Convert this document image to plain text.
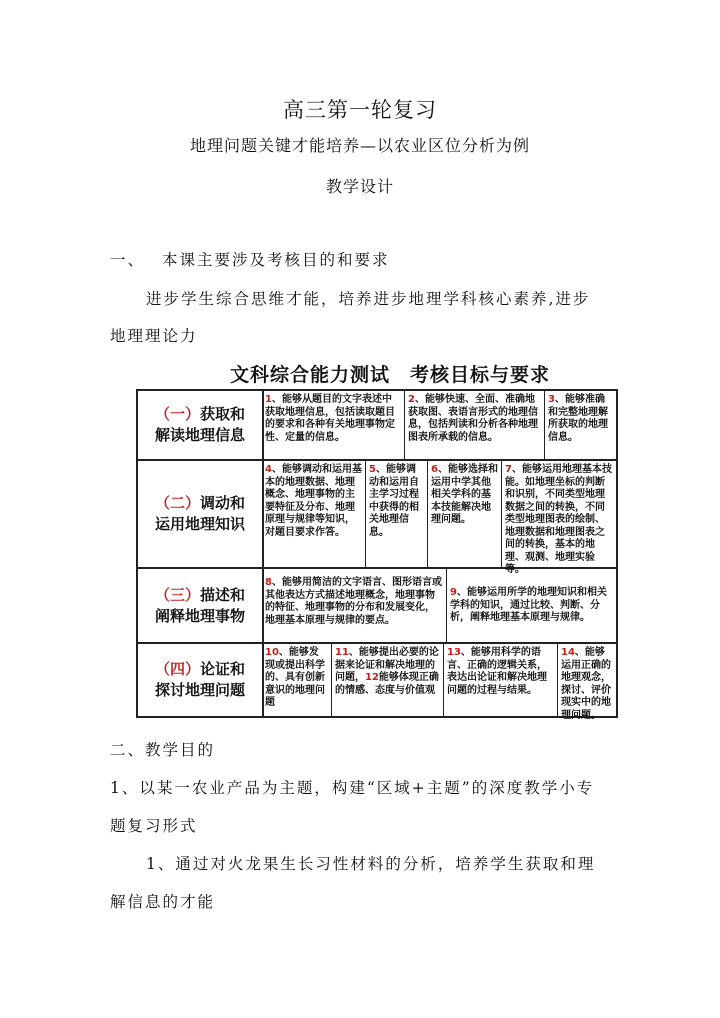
高三第一轮复习
地理问题关键才能培养—以农业区位分析为例
教学设计
一、 本课主要涉及考核目的和要求
进步学生综合思维才能，培养进步地理学科核心素养,进步
地理理论力
文科综合能力测试　考核目标与要求
（一）获取和
解读地理信息
1、能够从题目的文字表述中获取地理信息，包括读取题目的要求和各种有关地理事物定性、定量的信息。
2、能够快速、全面、准确地获取图、表语言形式的地理信息，包括判读和分析各种地理图表所承载的信息。
3、能够准确和完整地理解所获取的地理信息。
（二）调动和
运用地理知识
4、能够调动和运用基本的地理数据、地理概念、地理事物的主要特征及分布、地理原理与规律等知识，对题目要求作答。
5、能够调动和运用自主学习过程中获得的相关地理信息。
6、能够选择和运用中学其他相关学科的基本技能解决地理问题。
7、能够运用地理基本技能。如地理坐标的判断和识别，不同类型地理数据之间的转换，不同类型地理图表的绘制、地理数据和地理图表之间的转换，基本的地理、观测、地理实验等。
（三）描述和
阐释地理事物
8、能够用简洁的文字语言、图形语言或其他表达方式描述地理概念，地理事物的特征、地理事物的分布和发展变化，地理基本原理与规律的要点。
9、能够运用所学的地理知识和相关学科的知识，通过比较、判断、分析，阐释地理基本原理与规律。
（四）论证和
探讨地理问题
10、能够发现或提出科学的、具有创新意识的地理问题
11、能够提出必要的论据来论证和解决地理的问题，12能够体现正确的情感、态度与价值观
13、能够用科学的语言、正确的逻辑关系，表达出论证和解决地理问题的过程与结果。
14、能够运用正确的地理观念，探讨、评价现实中的地理问题。
二、教学目的
1、以某一农业产品为主题，构建“区域+主题”的深度教学小专
题复习形式
1、通过对火龙果生长习性材料的分析，培养学生获取和理
解信息的才能
